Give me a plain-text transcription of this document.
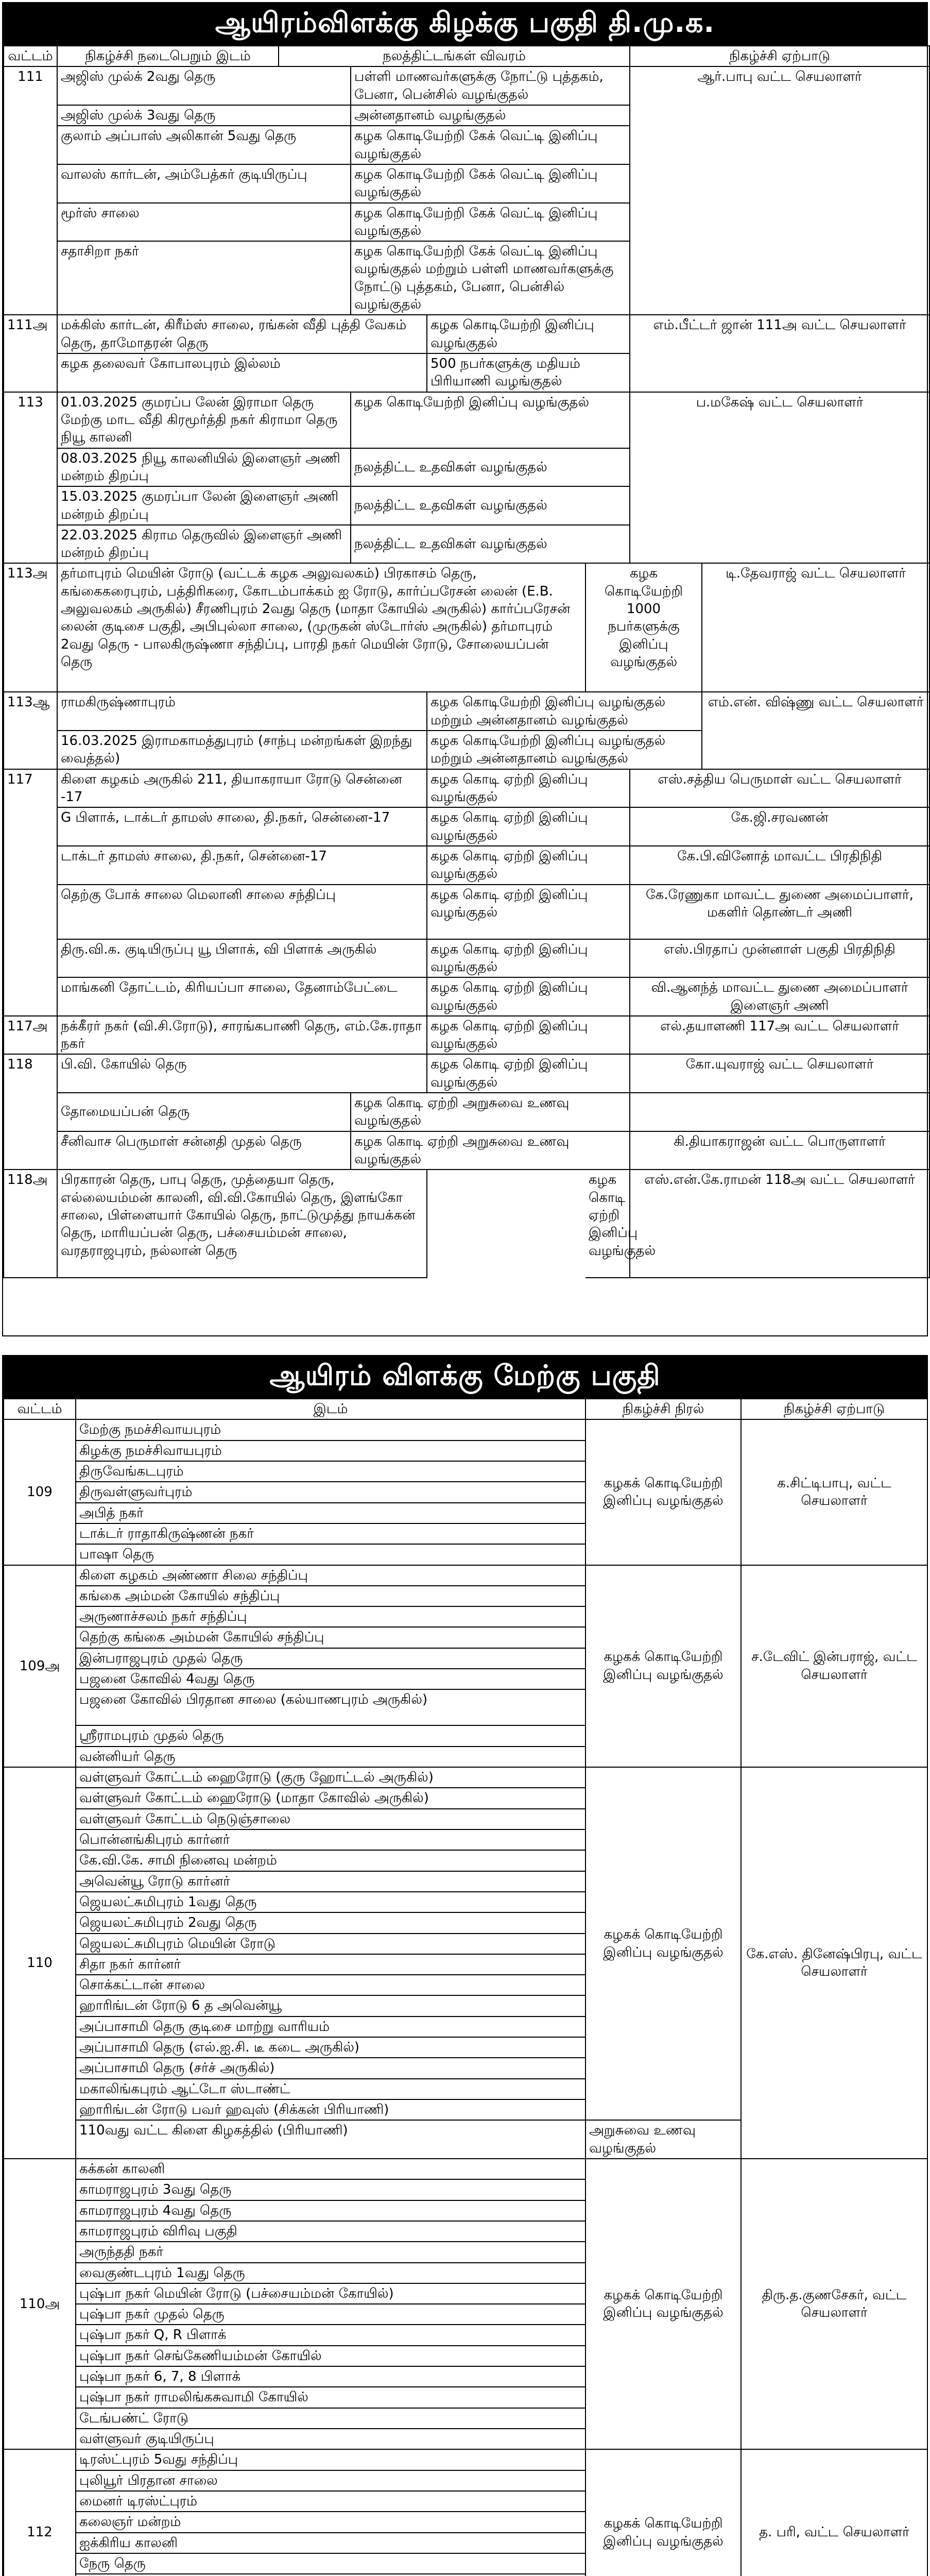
ஆயிரம்விளக்கு கிழக்கு பகுதி தி.மு.க.
வட்டம்	நிகழ்ச்சி நடைபெறும் இடம்	நலத்திட்டங்கள் விவரம்				நிகழ்ச்சி ஏற்பாடு	
111	அஜிஸ் முல்க் 2வது தெரு		பள்ளி மாணவர்களுக்கு நோட்டு புத்தகம், பேனா, பென்சில் வழங்குதல்			ஆர்.பாபு வட்ட செயலாளர்	
	அஜிஸ் முல்க் 3வது தெரு		அன்னதானம் வழங்குதல்				
	குலாம் அப்பாஸ் அலிகான் 5வது தெரு		கழக கொடியேற்றி கேக் வெட்டி இனிப்பு வழங்குதல்				
	வாலஸ் கார்டன், அம்பேத்கர் குடியிருப்பு		கழக கொடியேற்றி கேக் வெட்டி இனிப்பு வழங்குதல்				
	மூர்ஸ் சாலை		கழக கொடியேற்றி கேக் வெட்டி இனிப்பு வழங்குதல்				
	சதாசிறா நகர்		கழக கொடியேற்றி கேக் வெட்டி இனிப்பு வழங்குதல் மற்றும் பள்ளி மாணவர்களுக்கு நோட்டு புத்தகம், பேனா, பென்சில் வழங்குதல்				
111அ	மக்கிஸ் கார்டன், கிரீம்ஸ் சாலை, ரங்கன் வீதி புத்தி வேகம் தெரு, தாமோதரன் தெரு			கழக கொடியேற்றி இனிப்பு வழங்குதல்		எம்.பீட்டர் ஜான் 111அ வட்ட செயலாளர்	
	கழக தலைவர் கோபாலபுரம் இல்லம்			500 நபர்களுக்கு மதியம் பிரியாணி வழங்குதல்			
113	01.03.2025 குமரப்ப லேன் இராமா தெரு மேற்கு மாட வீதி கிரமூர்த்தி நகர் கிராமா தெரு நியூ காலனி		கழக கொடியேற்றி இனிப்பு வழங்குதல்			ப.மகேஷ் வட்ட செயலாளர்	
	08.03.2025 நியூ காலனியில் இளைஞர் அணி மன்றம் திறப்பு		நலத்திட்ட உதவிகள் வழங்குதல்				
	15.03.2025 குமரப்பா லேன் இளைஞர் அணி மன்றம் திறப்பு		நலத்திட்ட உதவிகள் வழங்குதல்				
	22.03.2025 கிராம தெருவில் இளைஞர் அணி மன்றம் திறப்பு		நலத்திட்ட உதவிகள் வழங்குதல்				
113அ	தர்மாபுரம் மெயின் ரோடு (வட்டக் கழக அலுவலகம்) பிரகாசம் தெரு, கங்கைகரைபுரம், பத்திரிகரை, கோடம்பாக்கம் ஐ ரோடு, கார்ப்பரேசன் லைன் (E.B. அலுவலகம் அருகில்) சீரணிபுரம் 2வது தெரு (மாதா கோயில் அருகில்) கார்ப்பரேசன் லைன் குடிசை பகுதி, அபிபுல்லா சாலை, (முருகன் ஸ்டோர்ஸ் அருகில்) தர்மாபுரம் 2வது தெரு - பாலகிருஷ்ணா சந்திப்பு, பாரதி நகர் மெயின் ரோடு, சோலையப்பன் தெரு				கழக கொடியேற்றி 1000 நபர்களுக்கு இனிப்பு வழங்குதல்		டி.தேவராஜ் வட்ட செயலாளர்
113ஆ	ராமகிருஷ்ணாபுரம்			கழக கொடியேற்றி இனிப்பு வழங்குதல் மற்றும் அன்னதானம் வழங்குதல்			எம்.என். விஷ்ணு வட்ட செயலாளர்
	16.03.2025 இராமகாமத்துபுரம் (சாந்பு மன்றங்கள் இறந்து வைத்தல்)			கழக கொடியேற்றி இனிப்பு வழங்குதல் மற்றும் அன்னதானம் வழங்குதல்			
117	கிளை கழகம் அருகில் 211, தியாகராயா ரோடு சென்னை -17			கழக கொடி ஏற்றி இனிப்பு வழங்குதல்		எஸ்.சத்திய பெருமாள் வட்ட செயலாளர்	
	G பிளாக், டாக்டர் தாமஸ் சாலை, தி.நகர், சென்னை-17			கழக கொடி ஏற்றி இனிப்பு வழங்குதல்		கே.ஜி.சரவணன்	
	டாக்டர் தாமஸ் சாலை, தி.நகர், சென்னை-17			கழக கொடி ஏற்றி இனிப்பு வழங்குதல்		கே.பி.வினோத் மாவட்ட பிரதிநிதி	
	தெற்கு போக் சாலை மெலானி சாலை சந்திப்பு			கழக கொடி ஏற்றி இனிப்பு வழங்குதல்		கே.ரேணுகா மாவட்ட துணை அமைப்பாளர், மகளிர் தொண்டர் அணி	
	திரு.வி.க. குடியிருப்பு யூ பிளாக், வி பிளாக் அருகில்			கழக கொடி ஏற்றி இனிப்பு வழங்குதல்		எஸ்.பிரதாப் முன்னாள் பகுதி பிரதிநிதி	
	மாங்கனி தோட்டம், கிரியப்பா சாலை, தேனாம்பேட்டை			கழக கொடி ஏற்றி இனிப்பு வழங்குதல்		வி.ஆனந்த் மாவட்ட துணை அமைப்பாளர் இளைஞர் அணி	
117அ	நக்கீரர் நகர் (வி.சி.ரோடு), சாரங்கபாணி தெரு, எம்.கே.ராதா நகர்			கழக கொடி ஏற்றி இனிப்பு வழங்குதல்		எல்.தயாளணி 117அ வட்ட செயலாளர்	
118	பி.வி. கோயில் தெரு			கழக கொடி ஏற்றி இனிப்பு வழங்குதல்		கோ.யுவராஜ் வட்ட செயலாளர்	
	தோமையப்பன் தெரு		கழக கொடி ஏற்றி அறுசுவை உணவு வழங்குதல்				
	சீனிவாச பெருமாள் சன்னதி முதல் தெரு		கழக கொடி ஏற்றி அறுசுவை உணவு வழங்குதல்			கி.தியாகராஜன் வட்ட பொருளாளர்	
118அ	பிரகாரன் தெரு, பாபு தெரு, முத்தையா தெரு, எல்லையம்மன் காலனி, வி.வி.கோயில் தெரு, இளங்கோ சாலை, பிள்ளையார் கோயில் தெரு, நாட்டுமுத்து நாயக்கன் தெரு, மாரியப்பன் தெரு, பச்சையம்மன் சாலை, வரதராஜபுரம், நல்லான் தெரு				கழக கொடி ஏற்றி இனிப்பு வழங்குதல்	எஸ்.என்.கே.ராமன் 118அ வட்ட செயலாளர்	
ஆயிரம் விளக்கு மேற்கு பகுதி
வட்டம்	இடம்	நிகழ்ச்சி நிரல்	நிகழ்ச்சி ஏற்பாடு
109	மேற்கு நமச்சிவாயபுரம்	கழகக் கொடியேற்றி இனிப்பு வழங்குதல்	க.சிட்டிபாபு, வட்ட செயலாளர்
	கிழக்கு நமச்சிவாயபுரம்		
	திருவேங்கடபுரம்		
	திருவள்ளுவர்புரம்		
	அபித் நகர்		
	டாக்டர் ராதாகிருஷ்ணன் நகர்		
	பாஷா தெரு		
109அ	கிளை கழகம் அண்ணா சிலை சந்திப்பு	கழகக் கொடியேற்றி இனிப்பு வழங்குதல்	ச.டேவிட் இன்பராஜ், வட்ட செயலாளர்
	கங்கை அம்மன் கோயில் சந்திப்பு		
	அருணாச்சலம் நகர் சந்திப்பு		
	தெற்கு கங்கை அம்மன் கோயில் சந்திப்பு		
	இன்பராஜபுரம் முதல் தெரு		
	பஜனை கோவில் 4வது தெரு		
	பஜனை கோவில் பிரதான சாலை (கல்யாணபுரம் அருகில்)		
	ஸ்ரீராமபுரம் முதல் தெரு		
	வன்னியர் தெரு		
110	வள்ளுவர் கோட்டம் ஹைரோடு (குரு ஹோட்டல் அருகில்)	கழகக் கொடியேற்றி இனிப்பு வழங்குதல்	கே.எஸ். தினேஷ்பிரபு, வட்ட செயலாளர்
	வள்ளுவர் கோட்டம் ஹைரோடு (மாதா கோவில் அருகில்)		
	வள்ளுவர் கோட்டம் நெடுஞ்சாலை		
	பொன்னங்கிபுரம் கார்னர்		
	கே.வி.கே. சாமி நினைவு மன்றம்		
	அவென்யூ ரோடு கார்னர்		
	ஜெயலட்சுமிபுரம் 1வது தெரு		
	ஜெயலட்சுமிபுரம் 2வது தெரு		
	ஜெயலட்சுமிபுரம் மெயின் ரோடு		
	சிதா நகர் கார்னர்		
	சொக்கட்டான் சாலை		
	ஹாரிங்டன் ரோடு 6 த அவென்யூ		
	அப்பாசாமி தெரு குடிசை மாற்று வாரியம்		
	அப்பாசாமி தெரு (எல்.ஐ.சி. டீ கடை அருகில்)		
	அப்பாசாமி தெரு (சர்ச் அருகில்)		
	மகாலிங்கபுரம் ஆட்டோ ஸ்டாண்ட்		
	ஹாரிங்டன் ரோடு பவர் ஹவுஸ் (சிக்கன் பிரியாணி)		
	110வது வட்ட கிளை கிழகத்தில் (பிரியாணி)	அறுசுவை உணவு வழங்குதல்	
110அ	கக்கன் காலனி	கழகக் கொடியேற்றி இனிப்பு வழங்குதல்	திரு.த.குணசேகர், வட்ட செயலாளர்
	காமராஜபுரம் 3வது தெரு		
	காமராஜபுரம் 4வது தெரு		
	காமராஜபுரம் விரிவு பகுதி		
	அருந்ததி நகர்		
	வைகுண்டபுரம் 1வது தெரு		
	புஷ்பா நகர் மெயின் ரோடு (பச்சையம்மன் கோயில்)		
	புஷ்பா நகர் முதல் தெரு		
	புஷ்பா நகர் Q, R பிளாக்		
	புஷ்பா நகர் செங்கேணியம்மன் கோயில்		
	புஷ்பா நகர் 6, 7, 8 பிளாக்		
	புஷ்பா நகர் ராமலிங்கசுவாமி கோயில்		
	டேங்பண்ட் ரோடு		
	வள்ளுவர் குடியிருப்பு		
112	டிரஸ்ட்புரம் 5வது சந்திப்பு	கழகக் கொடியேற்றி இனிப்பு வழங்குதல்	த. பரி, வட்ட செயலாளர்
	புலியூர் பிரதான சாலை		
	மைனர் டிரஸ்ட்புரம்		
	கலைஞர் மன்றம்		
	ஐக்கிரிய காலனி		
	நேரு தெரு		
